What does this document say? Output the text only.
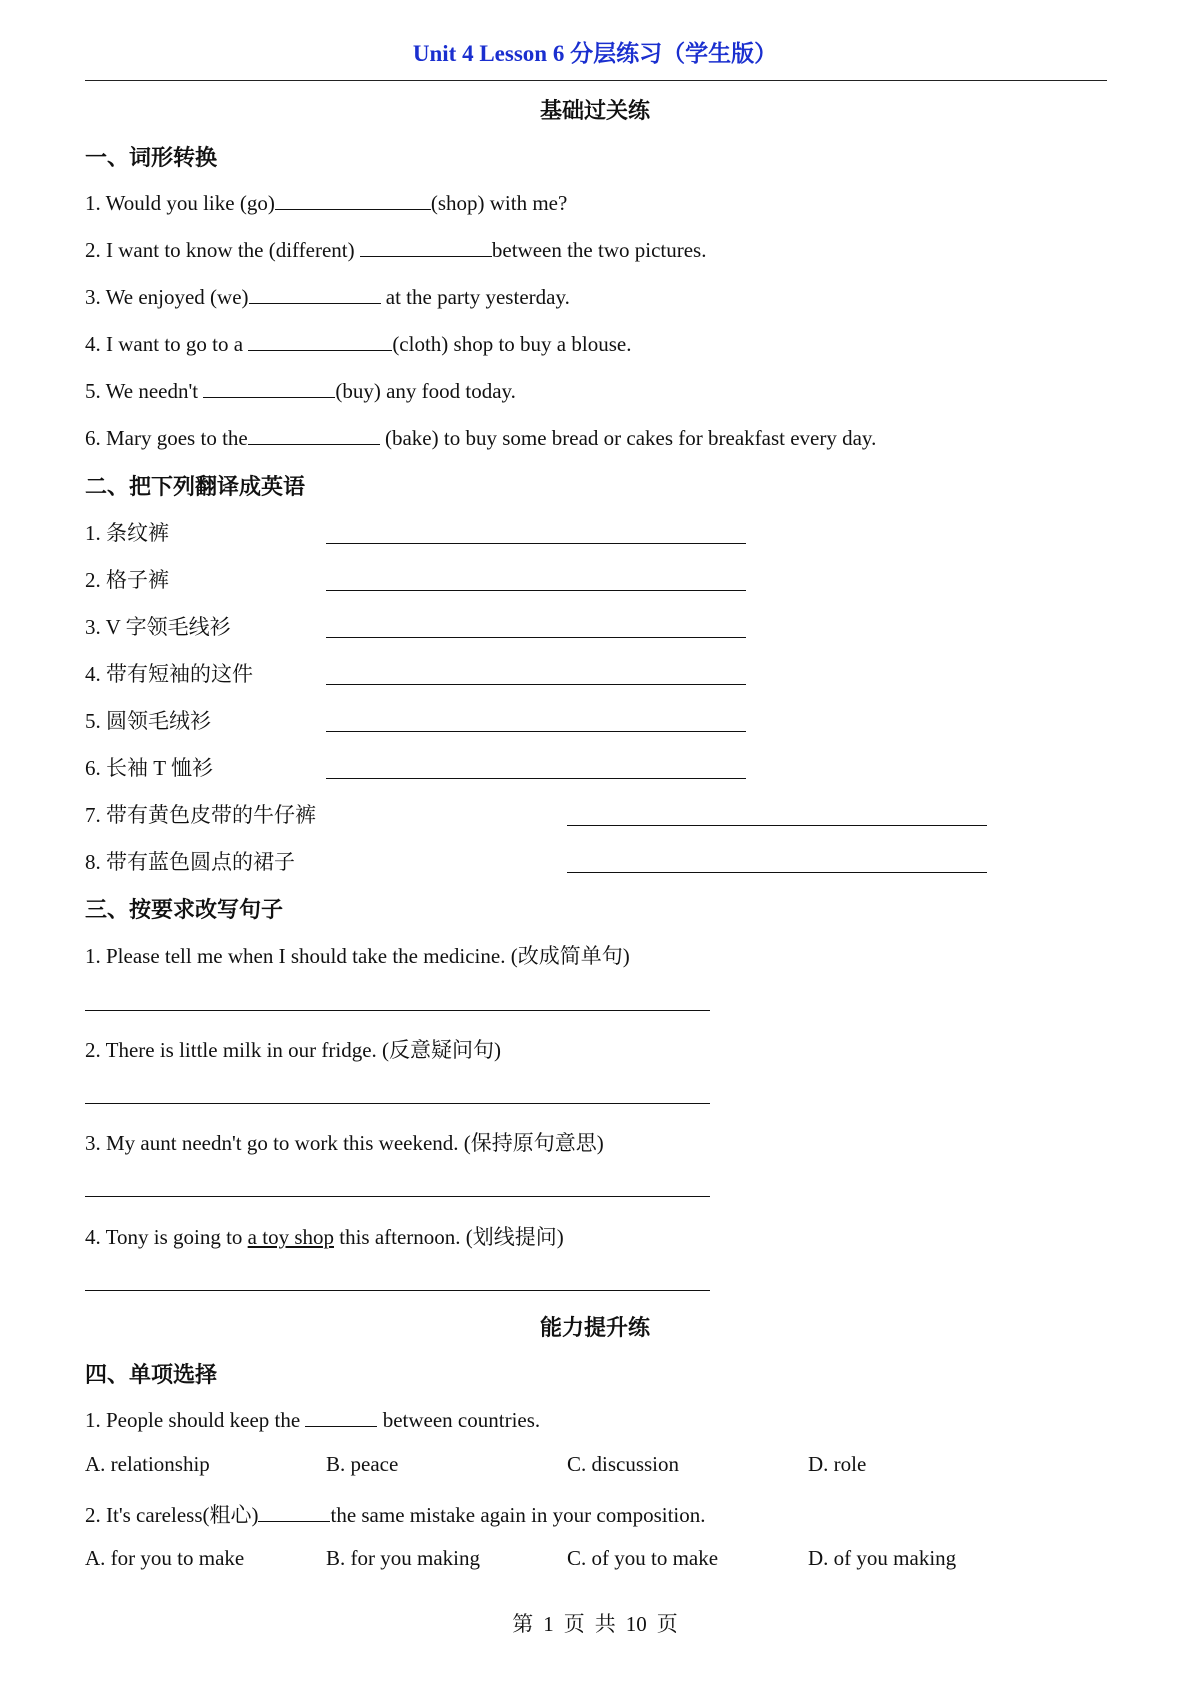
Unit 4 Lesson 6 分层练习（学生版）
基础过关练
一、词形转换
1. Would you like (go)	(shop) with me?
2. I want to know the (different)	between the two pictures.
3. We enjoyed (we)	at the party yesterday.
4. I want to go to a	(cloth) shop to buy a blouse.
5. We needn't	(buy) any food today.
6. Mary goes to the	(bake) to buy some bread or cakes for breakfast every day.
二、把下列翻译成英语
1. 条纹裤
2. 格子裤
3. V 字领毛线衫
4. 带有短袖的这件
5. 圆领毛绒衫
6. 长袖 T 恤衫
7. 带有黄色皮带的牛仔裤
8. 带有蓝色圆点的裙子
三、按要求改写句子
1. Please tell me when I should take the medicine. (改成简单句)
2. There is little milk in our fridge. (反意疑问句)
3. My aunt needn't go to work this weekend. (保持原句意思)
4. Tony is going to a toy shop this afternoon. (划线提问)
能力提升练
四、单项选择
1. People should keep the	between countries.
A. relationship	B. peace	C. discussion	D. role
2. It's careless(粗心)	the same mistake again in your composition.
A. for you to make	B. for you making	C. of you to make	D. of you making
第 1 页 共 10 页
